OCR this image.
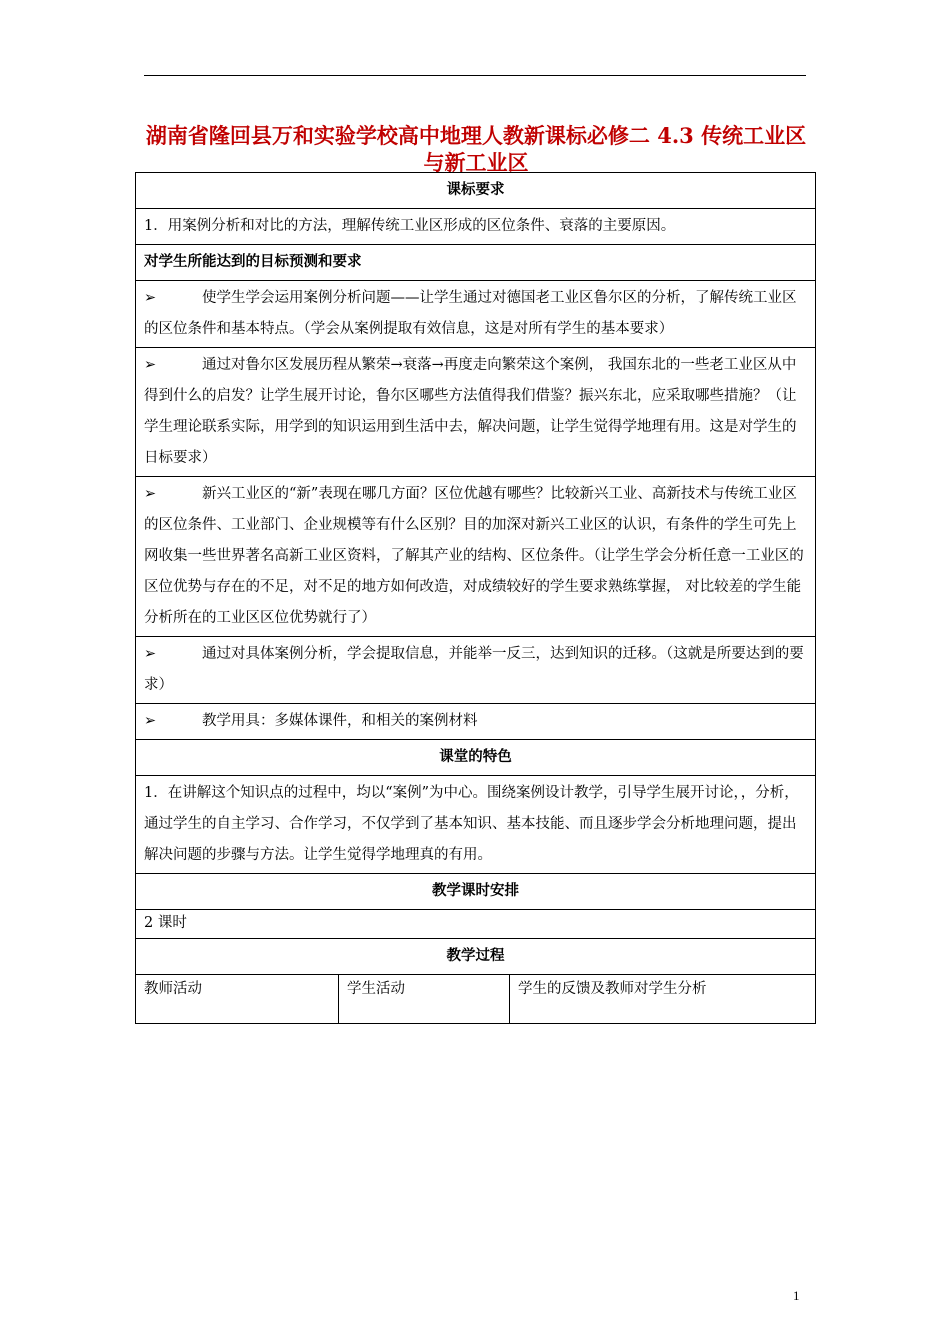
湖南省隆回县万和实验学校高中地理人教新课标必修二 4.3 传统工业区与新工业区
课标要求
1．用案例分析和对比的方法，理解传统工业区形成的区位条件、衰落的主要原因。
对学生所能达到的目标预测和要求
➢	使学生学会运用案例分析问题——让学生通过对德国老工业区鲁尔区的分析，了解传统工业区的区位条件和基本特点。（学会从案例提取有效信息，这是对所有学生的基本要求）
➢	通过对鲁尔区发展历程从繁荣→衰落→再度走向繁荣这个案例， 我国东北的一些老工业区从中得到什么的启发？让学生展开讨论，鲁尔区哪些方法值得我们借鉴？振兴东北，应采取哪些措施？（让学生理论联系实际，用学到的知识运用到生活中去，解决问题，让学生觉得学地理有用。这是对学生的日标要求）
➢	新兴工业区的“新”表现在哪几方面？区位优越有哪些？比较新兴工业、高新技术与传统工业区的区位条件、工业部门、企业规模等有什么区别？目的加深对新兴工业区的认识，有条件的学生可先上网收集一些世界著名高新工业区资料，了解其产业的结构、区位条件。（让学生学会分析任意一工业区的区位优势与存在的不足，对不足的地方如何改造，对成绩较好的学生要求熟练掌握， 对比较差的学生能分析所在的工业区区位优势就行了）
➢	通过对具体案例分析，学会提取信息，并能举一反三，达到知识的迁移。（这就是所要达到的要求）
➢	教学用具：多媒体课件，和相关的案例材料
课堂的特色
1．在讲解这个知识点的过程中，均以“案例”为中心。围绕案例设计教学，引导学生展开讨论，，分析，通过学生的自主学习、合作学习，不仅学到了基本知识、基本技能、而且逐步学会分析地理问题，提出解决问题的步骤与方法。让学生觉得学地理真的有用。
教学课时安排
2 课时
教学过程
教师活动	学生活动	学生的反馈及教师对学生分析
1
